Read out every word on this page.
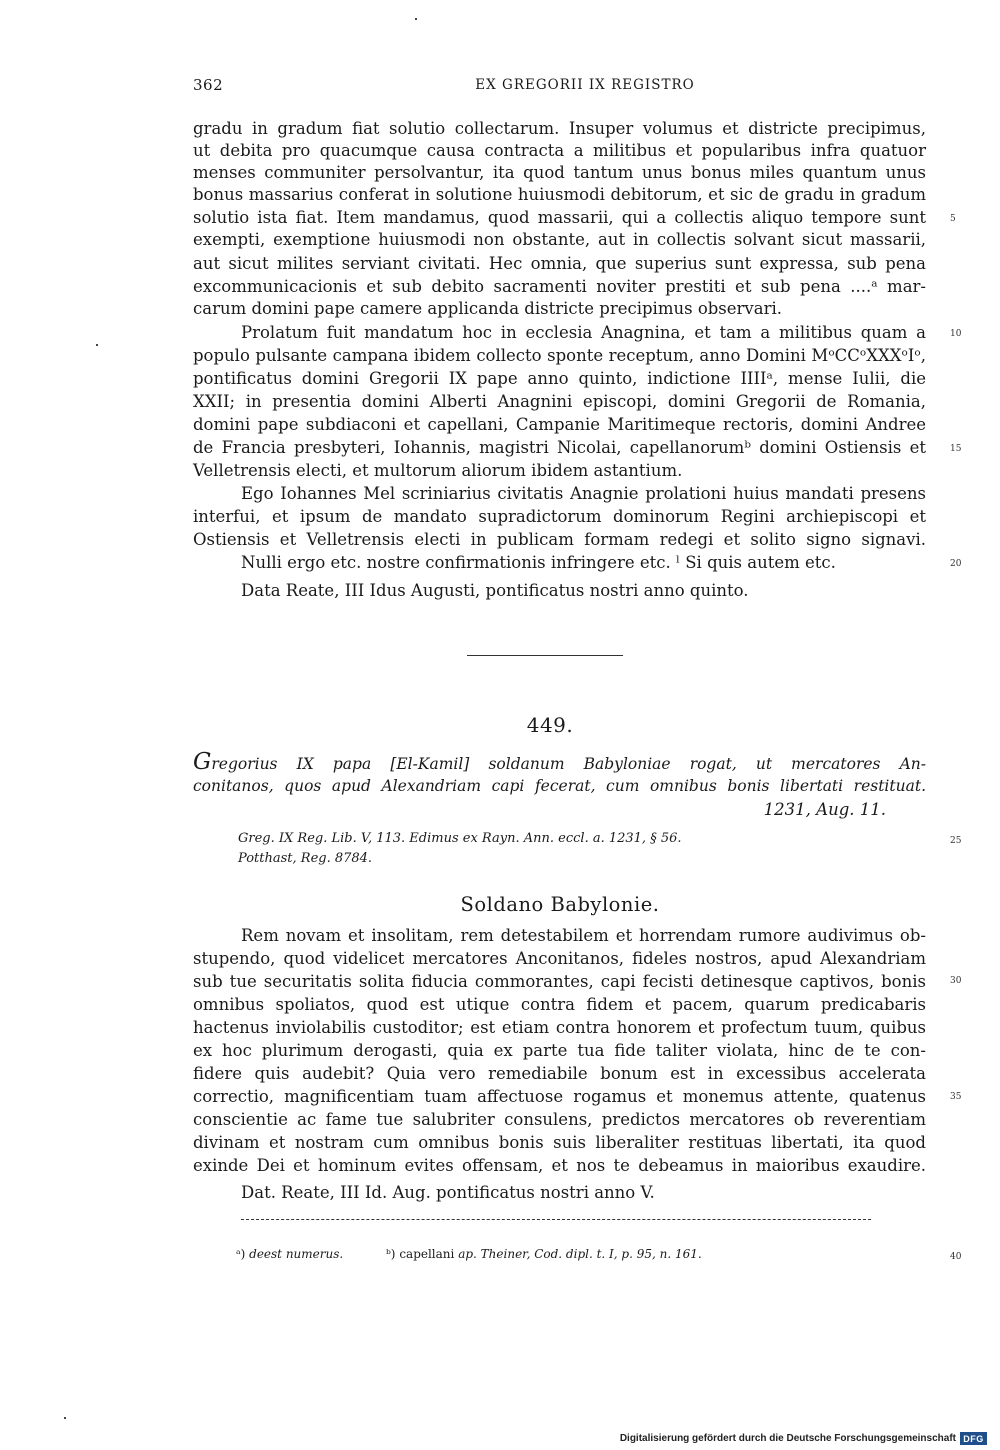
362	EX GREGORII IX REGISTRO
gradu in gradum fiat solutio collectarum. Insuper volumus et districte precipimus,
ut debita pro quacumque causa contracta a militibus et popularibus infra quatuor
menses communiter persolvantur, ita quod tantum unus bonus miles quantum unus
bonus massarius conferat in solutione huiusmodi debitorum, et sic de gradu in gradum
solutio ista fiat. Item mandamus, quod massarii, qui a collectis aliquo tempore sunt
exempti, exemptione huiusmodi non obstante, aut in collectis solvant sicut massarii,
aut sicut milites serviant civitati. Hec omnia, que superius sunt expressa, sub pena
excommunicacionis et sub debito sacramenti noviter prestiti et sub pena ....ᵃ mar-
carum domini pape camere applicanda districte precipimus observari.
Prolatum fuit mandatum hoc in ecclesia Anagnina, et tam a militibus quam a
populo pulsante campana ibidem collecto sponte receptum, anno Domini MᵒCCᵒXXXᵒIᵒ,
pontificatus domini Gregorii IX pape anno quinto, indictione IIIIᵃ, mense Iulii, die
XXII; in presentia domini Alberti Anagnini episcopi, domini Gregorii de Romania,
domini pape subdiaconi et capellani, Campanie Maritimeque rectoris, domini Andree
de Francia presbyteri, Iohannis, magistri Nicolai, capellanorumᵇ domini Ostiensis et
Velletrensis electi, et multorum aliorum ibidem astantium.
Ego Iohannes Mel scriniarius civitatis Anagnie prolationi huius mandati presens
interfui, et ipsum de mandato supradictorum dominorum Regini archiepiscopi et
Ostiensis et Velletrensis electi in publicam formam redegi et solito signo signavi.
Nulli ergo etc. nostre confirmationis infringere etc. ˡ Si quis autem etc.
Data Reate, III Idus Augusti, pontificatus nostri anno quinto.
5
10
15
20
25
30
35
40
449.
Gregorius IX papa [El-Kamil] soldanum Babyloniae rogat, ut mercatores An-
conitanos, quos apud Alexandriam capi fecerat, cum omnibus bonis libertati restituat.
1231, Aug. 11.
Greg. IX Reg. Lib. V, 113. Edimus ex Rayn. Ann. eccl. a. 1231, § 56.
Potthast, Reg. 8784.
Soldano Babylonie.
Rem novam et insolitam, rem detestabilem et horrendam rumore audivimus ob-
stupendo, quod videlicet mercatores Anconitanos, fideles nostros, apud Alexandriam
sub tue securitatis solita fiducia commorantes, capi fecisti detinesque captivos, bonis
omnibus spoliatos, quod est utique contra fidem et pacem, quarum predicabaris
hactenus inviolabilis custoditor; est etiam contra honorem et profectum tuum, quibus
ex hoc plurimum derogasti, quia ex parte tua fide taliter violata, hinc de te con-
fidere quis audebit? Quia vero remediabile bonum est in excessibus accelerata
correctio, magnificentiam tuam affectuose rogamus et monemus attente, quatenus
conscientie ac fame tue salubriter consulens, predictos mercatores ob reverentiam
divinam et nostram cum omnibus bonis suis liberaliter restituas libertati, ita quod
exinde Dei et hominum evites offensam, et nos te debeamus in maioribus exaudire.
Dat. Reate, III Id. Aug. pontificatus nostri anno V.
ᵃ) deest numerus.	ᵇ) capellani ap. Theiner, Cod. dipl. t. I, p. 95, n. 161.
Digitalisierung gefördert durch die Deutsche Forschungsgemeinschaft DFG
